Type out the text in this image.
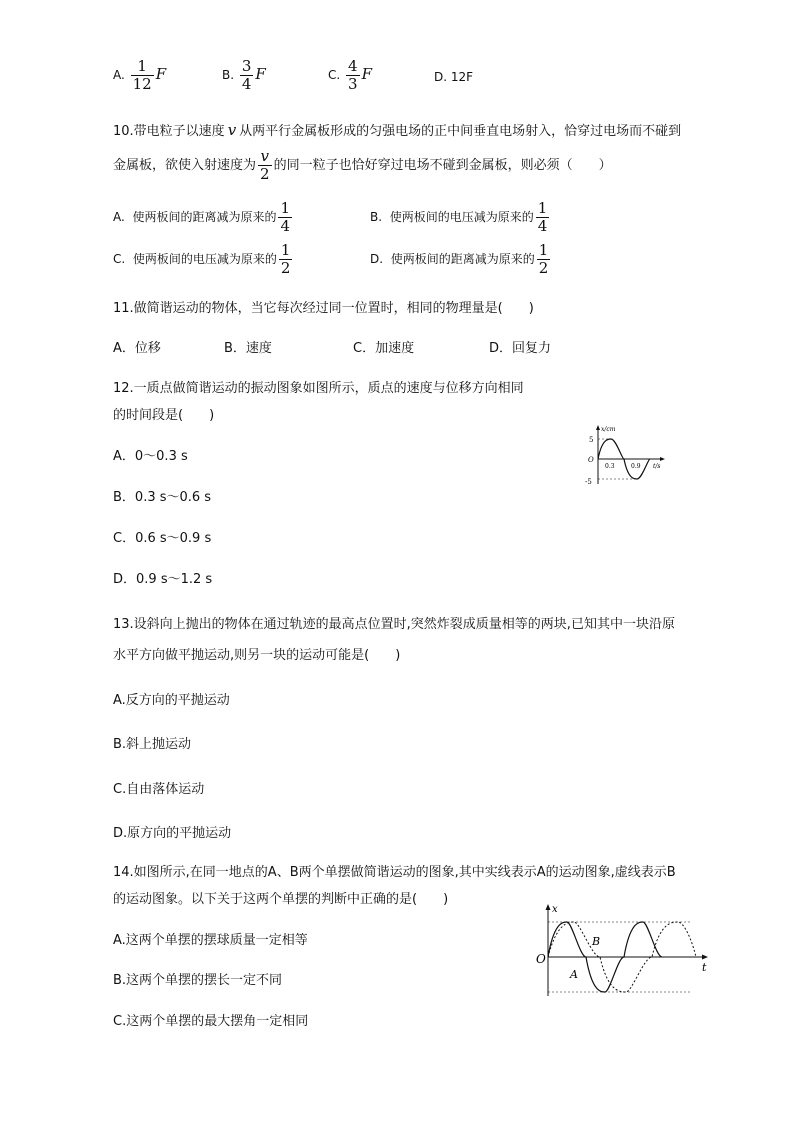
A. $\frac{1}{12}$ F	B. $\frac{3}{4}$ F	C. $\frac{4}{3}$ F	D. 12F
10.带电粒子以速度 v 从两平行金属板形成的匀强电场的正中间垂直电场射入，恰穿过电场而不碰到
金属板，欲使入射速度为 $\frac{v}{2}$ 的同一粒子也恰好穿过电场不碰到金属板，则必须（　　）
A. 使两板间的距离减为原来的 $\frac{1}{4}$	B. 使两板间的电压减为原来的 $\frac{1}{4}$
C. 使两板间的电压减为原来的 $\frac{1}{2}$	D. 使两板间的距离减为原来的 $\frac{1}{2}$
11.做简谐运动的物体，当它每次经过同一位置时，相同的物理量是(　　)
A．位移	B．速度	C．加速度	D．回复力
12.一质点做简谐运动的振动图象如图所示，质点的速度与位移方向相同
的时间段是(　　)
A．0～0.3 s
B．0.3 s～0.6 s
C．0.6 s～0.9 s
D．0.9 s～1.2 s
x/cm
5
-5
O
0.3	0.9 t/s
13.设斜向上抛出的物体在通过轨迹的最高点位置时,突然炸裂成质量相等的两块,已知其中一块沿原
水平方向做平抛运动,则另一块的运动可能是(　　)
A.反方向的平抛运动
B.斜上抛运动
C.自由落体运动
D.原方向的平抛运动
14.如图所示,在同一地点的A、B两个单摆做简谐运动的图象,其中实线表示A的运动图象,虚线表示B
的运动图象。以下关于这两个单摆的判断中正确的是(　　)
A.这两个单摆的摆球质量一定相等
B.这两个单摆的摆长一定不同
C.这两个单摆的最大摆角一定相同
O
x
t
B
A
